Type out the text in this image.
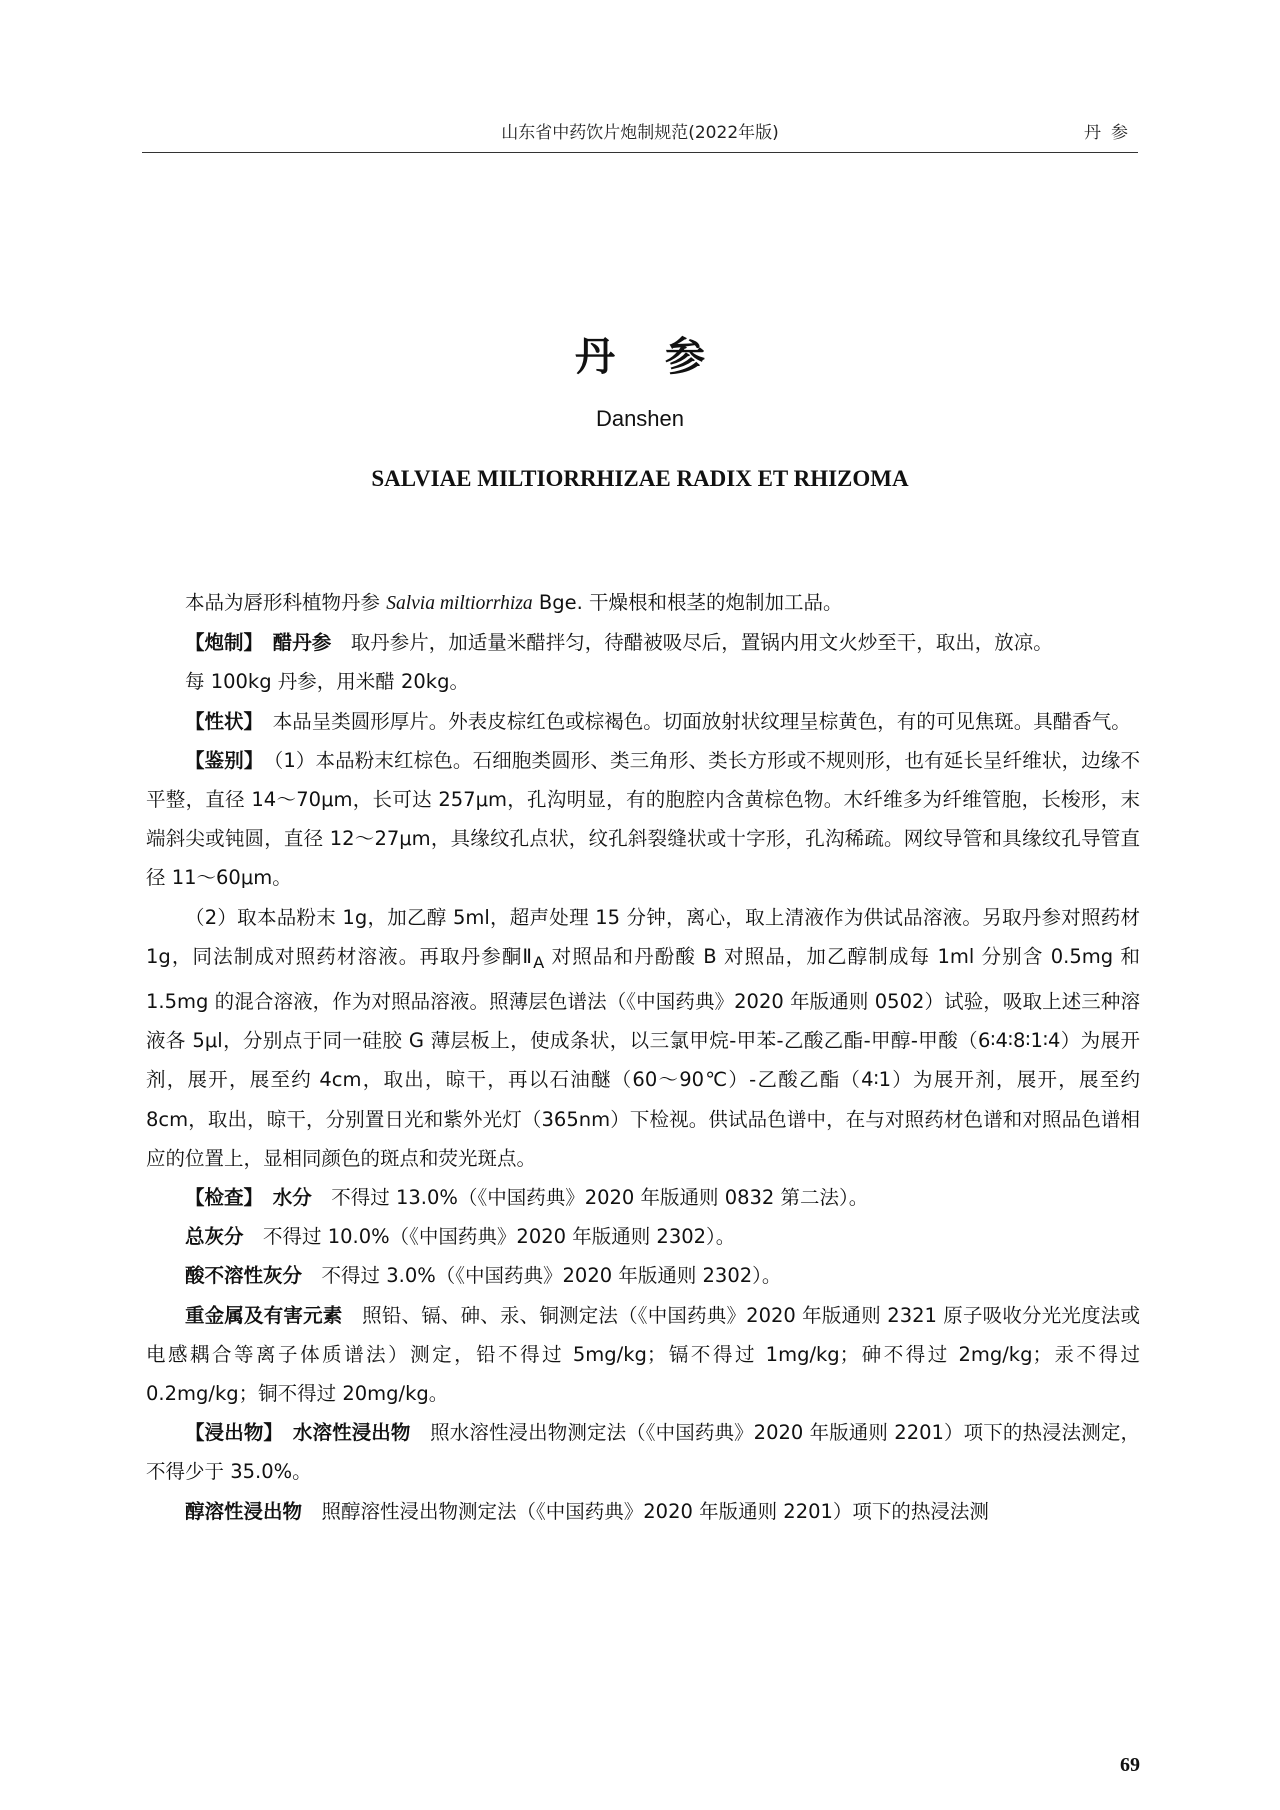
山东省中药饮片炮制规范(2022年版)	丹参
丹参
Danshen
SALVIAE MILTIORRHIZAE RADIX ET RHIZOMA

本品为唇形科植物丹参 Salvia miltiorrhiza Bge. 干燥根和根茎的炮制加工品。

【炮制】　 醋丹参　取丹参片，加适量米醋拌匀，待醋被吸尽后，置锅内用文火炒至干，取出，放凉。

每 100kg 丹参，用米醋 20kg。

【性状】　本品呈类圆形厚片。外表皮棕红色或棕褐色。切面放射状纹理呈棕黄色，有的可见焦斑。具醋香气。

【鉴别】　 （1）本品粉末红棕色。石细胞类圆形、类三角形、类长方形或不规则形，也有延长呈纤维状，边缘不平整，直径 14～70μm，长可达 257μm，孔沟明显，有的胞腔内含黄棕色物。木纤维多为纤维管胞，长梭形，末端斜尖或钝圆，直径 12～27μm，具缘纹孔点状，纹孔斜裂缝状或十字形，孔沟稀疏。网纹导管和具缘纹孔导管直径 11～60μm。

（2）取本品粉末 1g，加乙醇 5ml，超声处理 15 分钟，离心，取上清液作为供试品溶液。另取丹参对照药材 1g，同法制成对照药材溶液。再取丹参酮$Ⅱ_A$ 对照品和丹酚酸 B 对照品，加乙醇制成每 1ml 分别含 0.5mg 和 1.5mg 的混合溶液，作为对照品溶液。照薄层色谱法（《中国药典》2020 年版通则 0502）试验，吸取上述三种溶液各 5μl，分别点于同一硅胶 G 薄层板上，使成条状，以三氯甲烷-甲苯-乙酸乙酯-甲醇-甲酸（6∶4∶8∶1∶4）为展开剂，展开，展至约 4cm，取出，晾干，再以石油醚（60～90℃）-乙酸乙酯（4∶1）为展开剂，展开，展至约 8cm，取出，晾干，分别置日光和紫外光灯（365nm）下检视。供试品色谱中，在与对照药材色谱和对照品色谱相应的位置上，显相同颜色的斑点和荧光斑点。

【检查】　 水分　不得过 13.0%（《中国药典》2020 年版通则 0832 第二法）。

总灰分　不得过 10.0%（《中国药典》2020 年版通则 2302）。

酸不溶性灰分　不得过 3.0%（《中国药典》2020 年版通则 2302）。

重金属及有害元素　照铅、镉、砷、汞、铜测定法（《中国药典》2020 年版通则 2321 原子吸收分光光度法或电感耦合等离子体质谱法）测定，铅不得过 5mg/kg；镉不得过 1mg/kg；砷不得过 2mg/kg；汞不得过 0.2mg/kg；铜不得过 20mg/kg。

【浸出物】　 水溶性浸出物　照水溶性浸出物测定法（《中国药典》2020 年版通则 2201）项下的热浸法测定，不得少于 35.0%。

醇溶性浸出物　照醇溶性浸出物测定法（《中国药典》2020 年版通则 2201）项下的热浸法测

69
